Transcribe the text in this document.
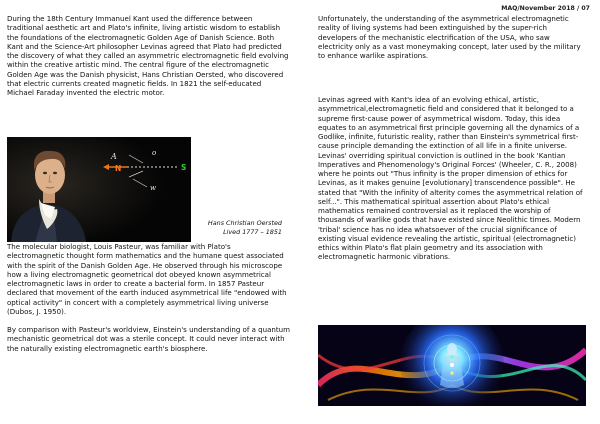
MAQ/November 2018 / 07

During the 18th Century Immanuel Kant used the difference between traditional aesthetic art and Plato's infinite, living artistic wisdom to establish the foundations of the electromagnetic Golden Age of Danish Science. Both Kant and the Science-Art philosopher Levinas agreed that Plato had predicted the discovery of what they called an asymmetric electromagnetic field evolving within the creative artistic mind. The central figure of the electromagnetic Golden Age was the Danish physicist, Hans Christian Oersted, who discovered that electric currents created magnetic fields. In 1821 the self-educated Michael Faraday invented the electric motor.

A
N
o
S
w
Hans Christian Oersted
Lived 1777 – 1851

The molecular biologist, Louis Pasteur, was familiar with Plato's electromagnetic thought form mathematics and the humane quest associated with the spirit of the Danish Golden Age. He observed through his microscope how a living electromagnetic geometrical dot obeyed known asymmetrical electromagnetic laws in order to create a bacterial form. In 1857 Pasteur declared that movement of the earth induced asymmetrical life "endowed with optical activity" in concert with a completely asymmetrical living universe (Dubos, J. 1950).

By comparison with Pasteur's worldview, Einstein's understanding of a quantum mechanistic geometrical dot was a sterile concept. It could never interact with the naturally existing electromagnetic earth's biosphere.

Unfortunately, the understanding of the asymmetrical electromagnetic reality of living systems had been extinguished by the super-rich developers of the mechanistic electrification of the USA, who saw electricity only as a vast moneymaking concept, later used by the military to enhance warlike aspirations.

Levinas agreed with Kant's idea of an evolving ethical, artistic, asymmetrical,electromagnetic field and considered that it belonged to a supreme first-cause power of asymmetrical wisdom. Today, this idea equates to an asymmetrical first principle governing all the dynamics of a Godlike, infinite, futuristic reality, rather than Einstein's symmetrical first-cause principle demanding the extinction of all life in a finite universe. Levinas' overriding spiritual conviction is outlined in the book 'Kantian Imperatives and Phenomenology's Original Forces' (Wheeler, C. R., 2008) where he points out "Thus infinity is the proper dimension of ethics for Levinas, as it makes genuine [evolutionary] transcendence possible". He stated that "With the infinity of alterity comes the asymmetrical relation of self...". This mathematical spiritual assertion about Plato's ethical mathematics remained controversial as it replaced the worship of thousands of warlike gods that have existed since Neolithic times. Modern 'tribal' science has no idea whatsoever of the crucial significance of existing visual evidence revealing the artistic, spiritual (electromagnetic) ethics within Plato's flat plain geometry and its association with electromagnetic harmonic vibrations.
